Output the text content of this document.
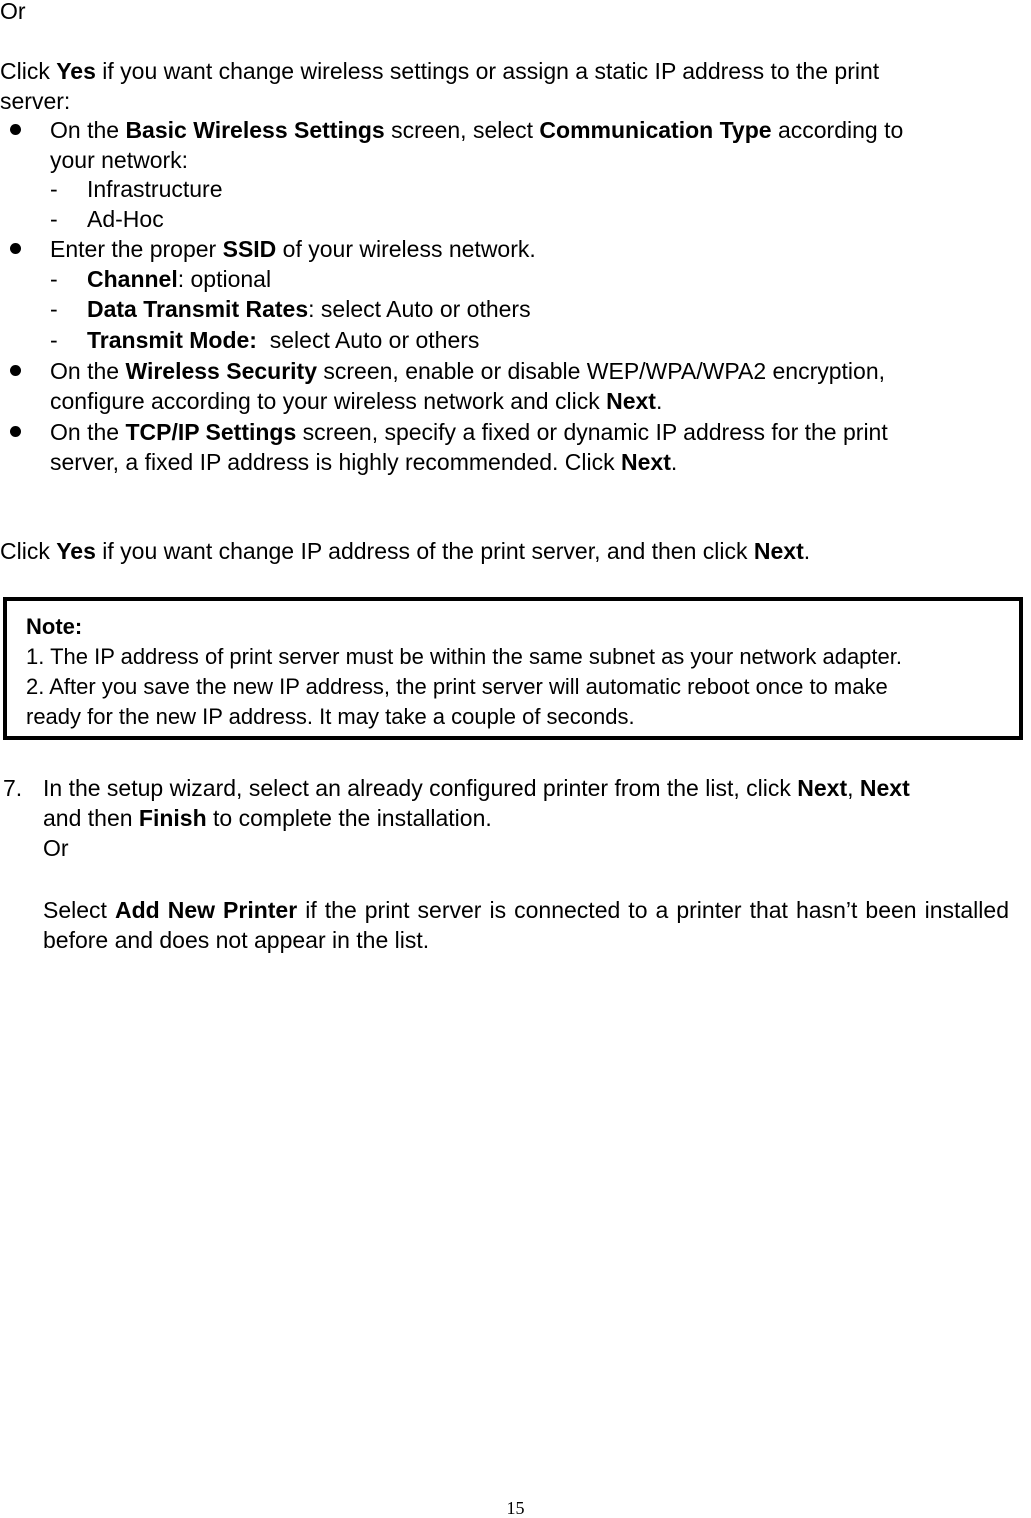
Or
Click Yes if you want change wireless settings or assign a static IP address to the print
server:
On the Basic Wireless Settings screen, select Communication Type according to
your network:
- Infrastructure
- Ad-Hoc
Enter the proper SSID of your wireless network.
- Channel: optional
- Data Transmit Rates: select Auto or others
- Transmit Mode:  select Auto or others
On the Wireless Security screen, enable or disable WEP/WPA/WPA2 encryption,
configure according to your wireless network and click Next.
On the TCP/IP Settings screen, specify a fixed or dynamic IP address for the print
server, a fixed IP address is highly recommended. Click Next.
Click Yes if you want change IP address of the print server, and then click Next.
Note:
1. The IP address of print server must be within the same subnet as your network adapter.
2. After you save the new IP address, the print server will automatic reboot once to make
ready for the new IP address. It may take a couple of seconds.
7. In the setup wizard, select an already configured printer from the list, click Next, Next
and then Finish to complete the installation.
Or
Select Add New Printer if the print server is connected to a printer that hasn’t been installed before and does not appear in the list.
15
